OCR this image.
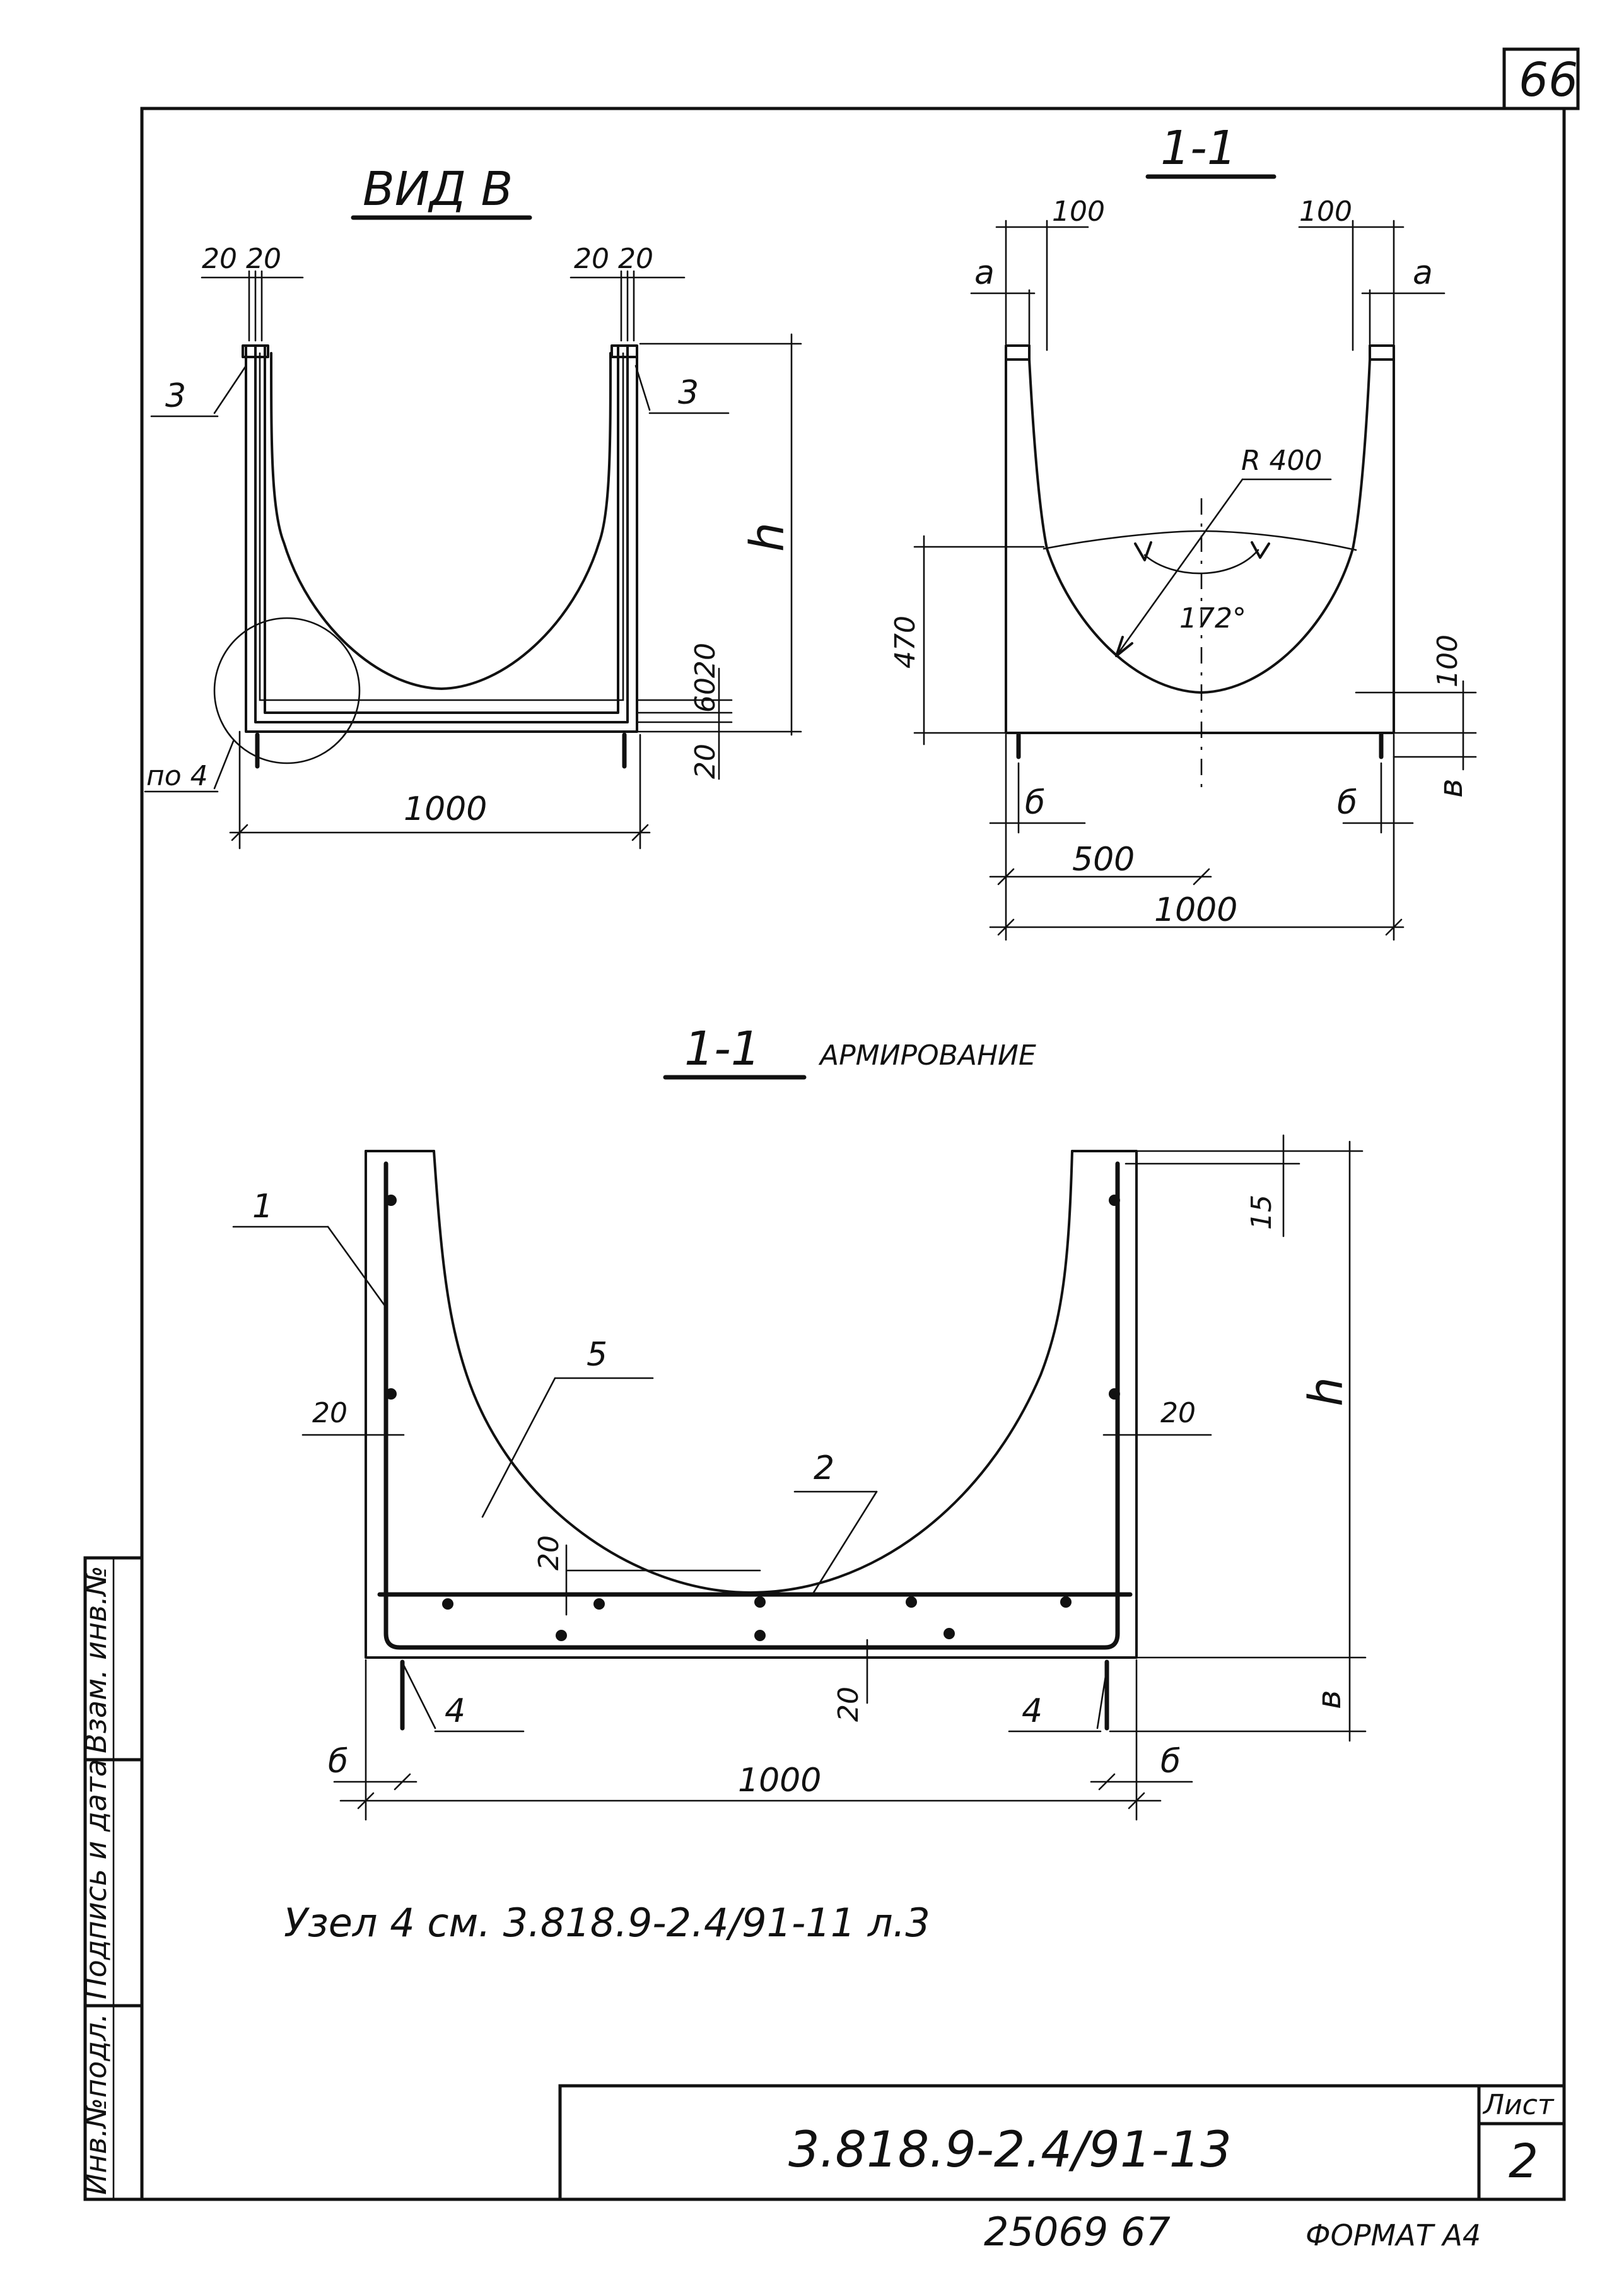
66
Инв.№подл.
Подпись и дата
Взам. инв.№
3.818.9-2.4/91-13
Лист
2
25069 67	ФОРМАТ А4
ВИД В
20 20	20 20
3	3
h
20
60
20
по 4
1000
1-1
100	100
а	а
R 400
172°
470	100
б	б в
500
1000
1-1 АРМИРОВАНИЕ
1
5
2
4	4
15
h
20	20
20
20	в
б	б
1000
Узел 4 см. 3.818.9-2.4/91-11 л.3
